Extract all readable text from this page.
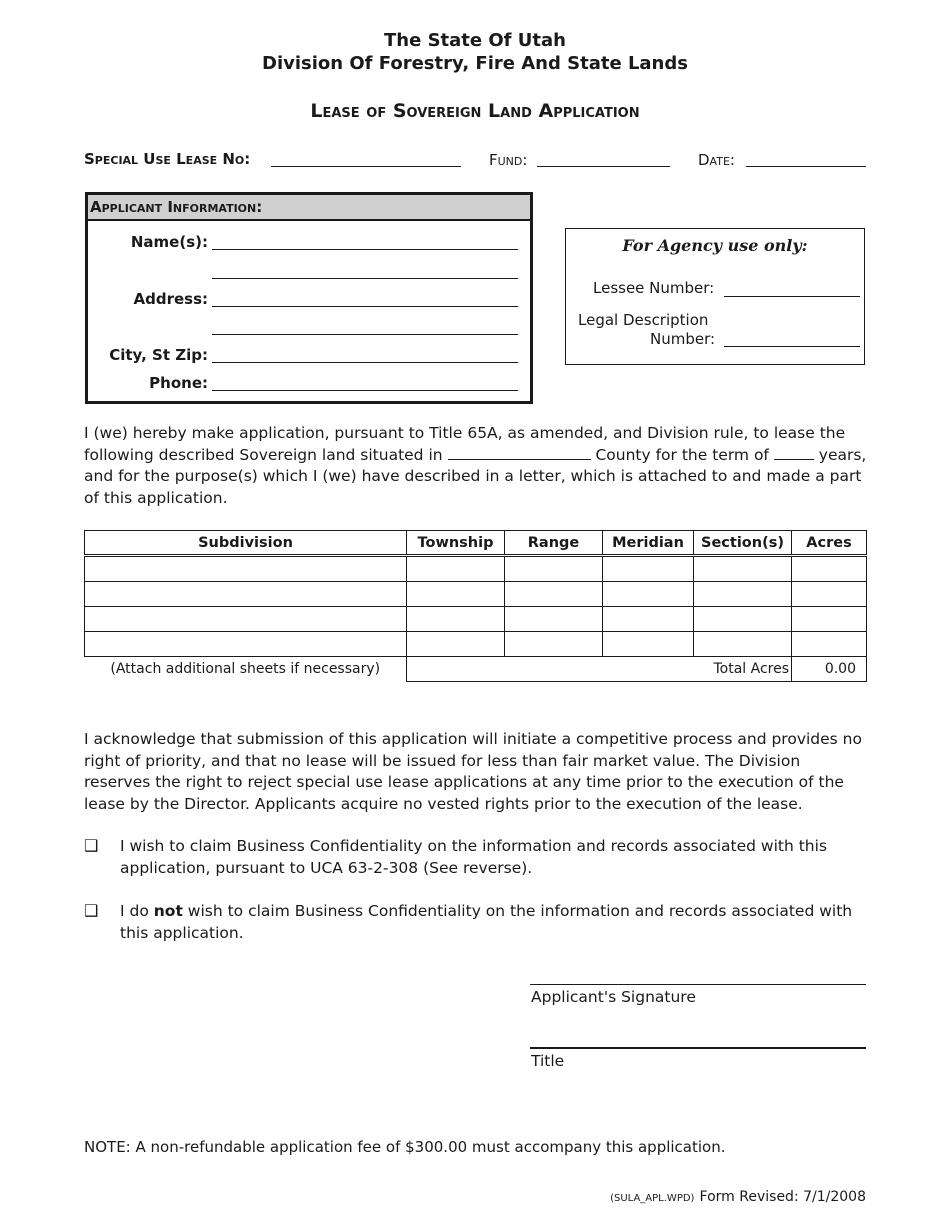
The State Of Utah
Division Of Forestry, Fire And State Lands
Lease of Sovereign Land Application
Special Use Lease No:	Fund:	Date:
Applicant Information:
Name(s):
Address:
City, St Zip:
Phone:
For Agency use only:
Lessee Number:
Legal Description
Number:
I (we) hereby make application, pursuant to Title 65A, as amended, and Division rule, to lease the following described Sovereign land situated in	County for the term of	years, and for the purpose(s) which I (we) have described in a letter, which is attached to and made a part of this application.
Subdivision	Township	Range	Meridian	Section(s)	Acres

(Attach additional sheets if necessary)	Total Acres				0.00
I acknowledge that submission of this application will initiate a competitive process and provides no right of priority, and that no lease will be issued for less than fair market value. The Division reserves the right to reject special use lease applications at any time prior to the execution of the lease by the Director. Applicants acquire no vested rights prior to the execution of the lease.
❑ I wish to claim Business Confidentiality on the information and records associated with this application, pursuant to UCA 63-2-308 (See reverse).
❑ I do not wish to claim Business Confidentiality on the information and records associated with this application.
Applicant's Signature
Title
NOTE: A non-refundable application fee of $300.00 must accompany this application.
(SULA_APL.WPD) Form Revised: 7/1/2008
